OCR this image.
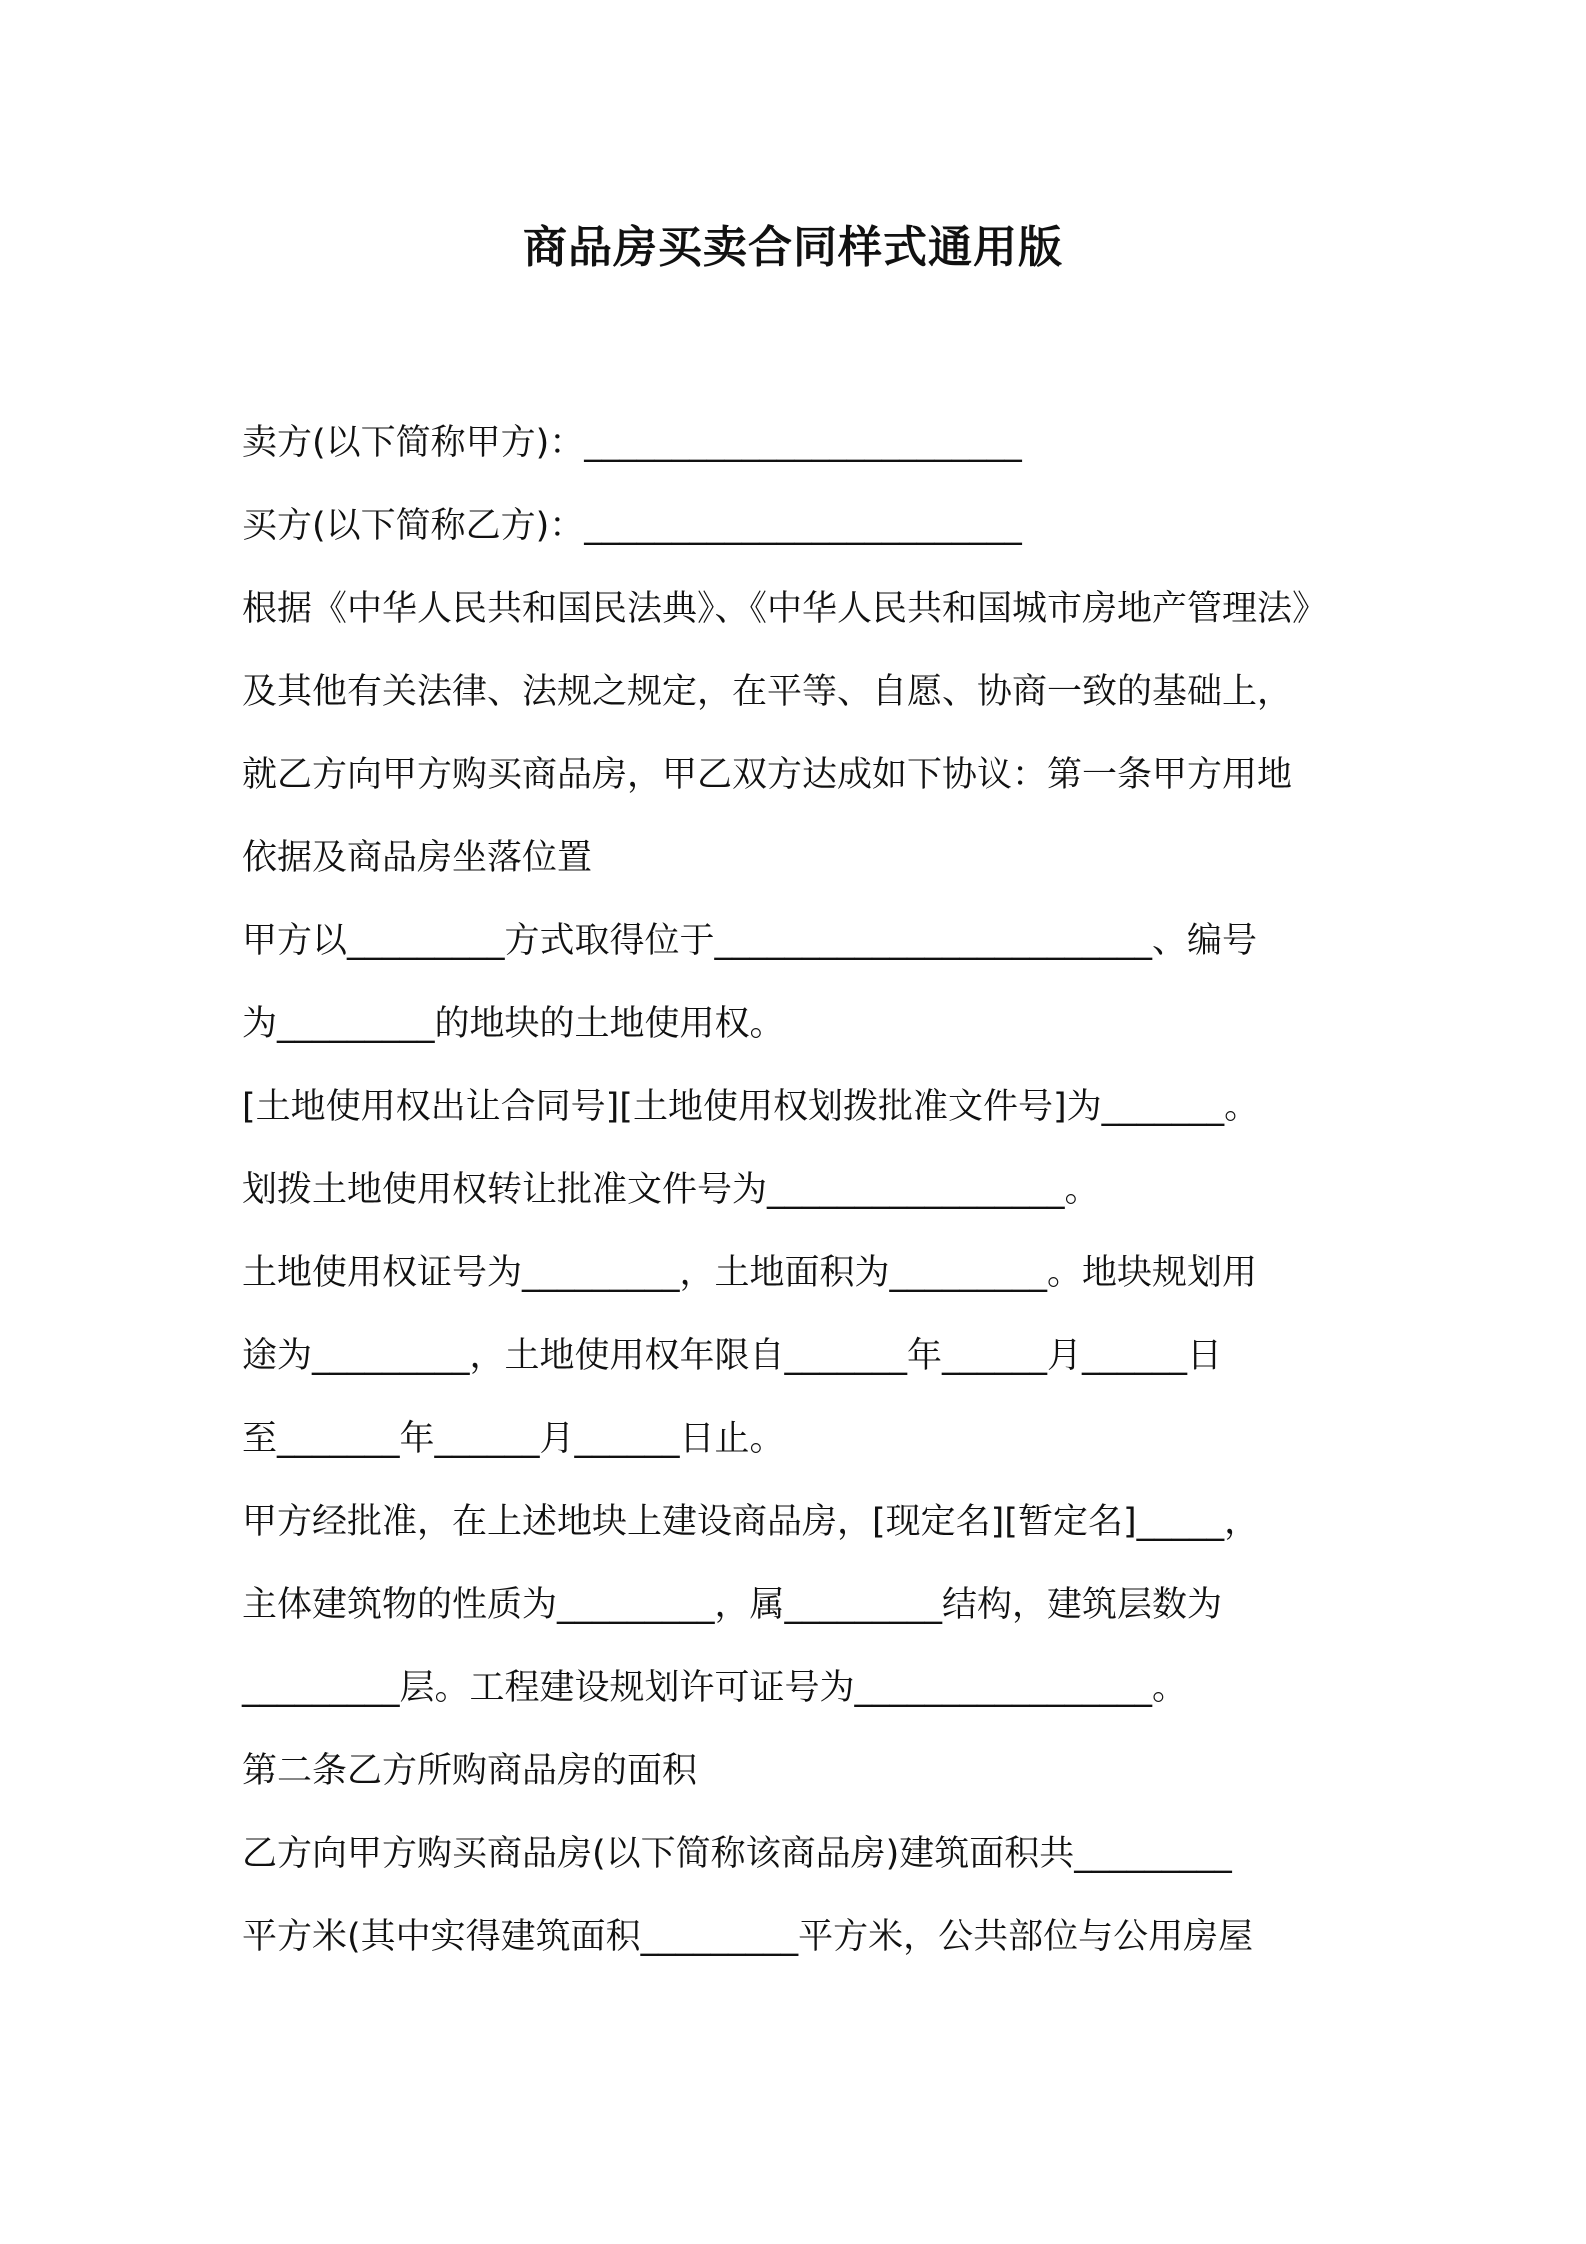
商品房买卖合同样式通用版
卖方(以下简称甲方)：_________________________
买方(以下简称乙方)：_________________________
根据《中华人民共和国民法典》、《中华人民共和国城市房地产管理法》
及其他有关法律、法规之规定，在平等、自愿、协商一致的基础上，
就乙方向甲方购买商品房，甲乙双方达成如下协议：第一条甲方用地
依据及商品房坐落位置
甲方以_________方式取得位于_________________________、编号
为_________的地块的土地使用权。
[土地使用权出让合同号][土地使用权划拨批准文件号]为_______。
划拨土地使用权转让批准文件号为_________________。
土地使用权证号为_________，土地面积为_________。地块规划用
途为_________，土地使用权年限自_______年______月______日
至_______年______月______日止。
甲方经批准，在上述地块上建设商品房，[现定名][暂定名]_____，
主体建筑物的性质为_________，属_________结构，建筑层数为
_________层。工程建设规划许可证号为_________________。
第二条乙方所购商品房的面积
乙方向甲方购买商品房(以下简称该商品房)建筑面积共_________
平方米(其中实得建筑面积_________平方米，公共部位与公用房屋
